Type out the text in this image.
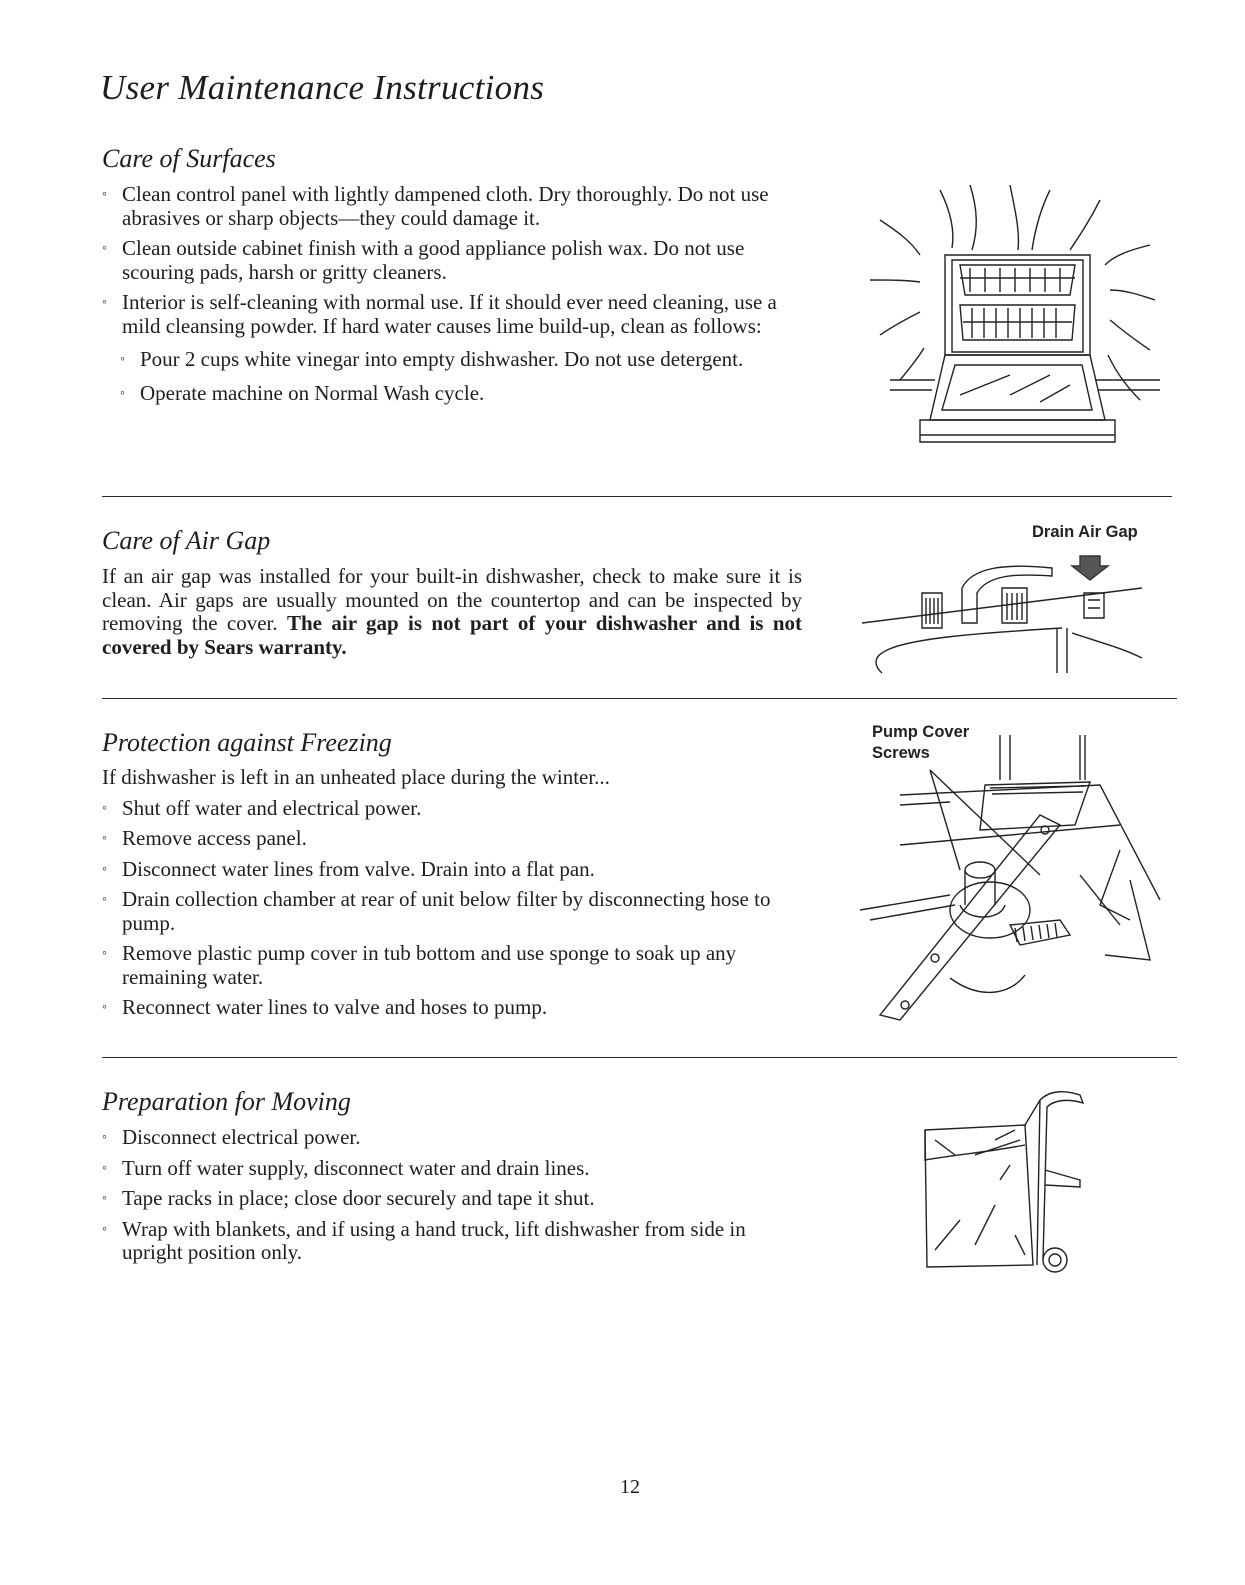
User Maintenance Instructions
Care of Surfaces
◦ Clean control panel with lightly dampened cloth. Dry thoroughly. Do not use abrasives or sharp objects—they could damage it.
◦ Clean outside cabinet finish with a good appliance polish wax. Do not use scouring pads, harsh or gritty cleaners.
◦ Interior is self-cleaning with normal use. If it should ever need cleaning, use a mild cleansing powder. If hard water causes lime build-up, clean as follows:
◦ Pour 2 cups white vinegar into empty dishwasher. Do not use detergent.
◦ Operate machine on Normal Wash cycle.
Care of Air Gap

If an air gap was installed for your built-in dishwasher, check to make sure it is clean. Air gaps are usually mounted on the countertop and can be inspected by removing the cover. The air gap is not part of your dishwasher and is not covered by Sears warranty.

Drain Air Gap
Protection against Freezing

If dishwasher is left in an unheated place during the winter...

◦ Shut off water and electrical power.
◦ Remove access panel.
◦ Disconnect water lines from valve. Drain into a flat pan.
◦ Drain collection chamber at rear of unit below filter by disconnecting hose to pump.
◦ Remove plastic pump cover in tub bottom and use sponge to soak up any remaining water.
◦ Reconnect water lines to valve and hoses to pump.
Pump Cover
Screws
Preparation for Moving
◦ Disconnect electrical power.
◦ Turn off water supply, disconnect water and drain lines.
◦ Tape racks in place; close door securely and tape it shut.
◦ Wrap with blankets, and if using a hand truck, lift dishwasher from side in upright position only.
12
